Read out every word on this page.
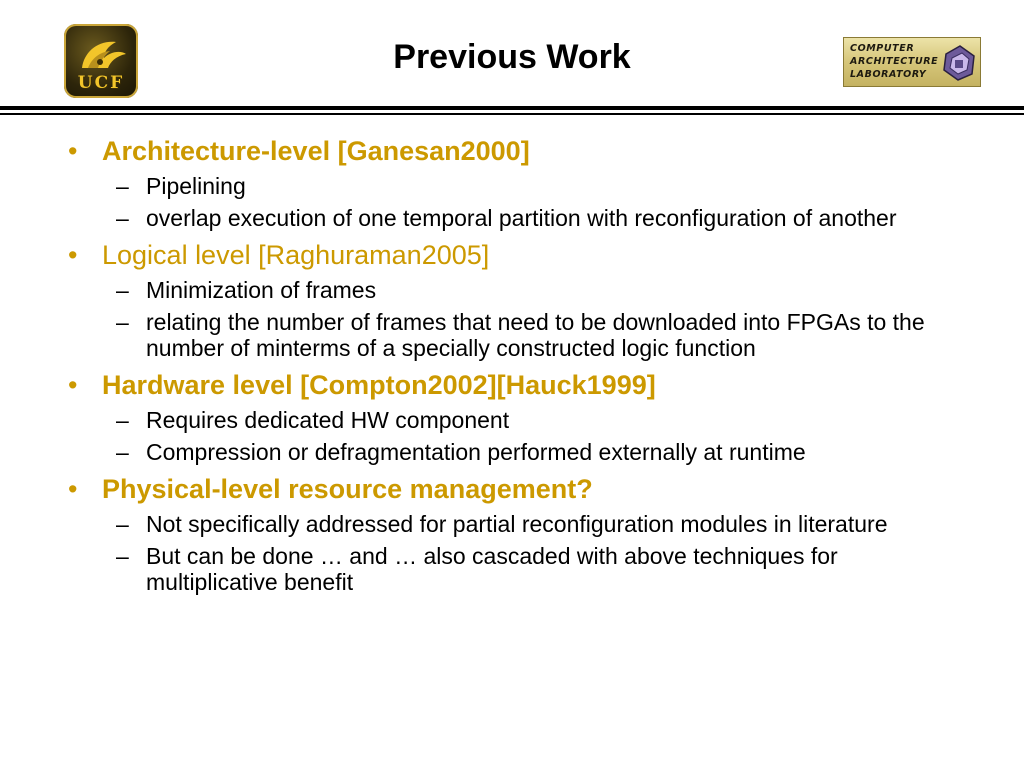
UCF
Previous Work	COMPUTER
ARCHITECTURE
LABORATORY
• Architecture-level [Ganesan2000]
– Pipelining
– overlap execution of one temporal partition with reconfiguration of another
• Logical level [Raghuraman2005]
– Minimization of frames
– relating the number of frames that need to be downloaded into FPGAs to the number of minterms of a specially constructed logic function
• Hardware level [Compton2002][Hauck1999]
– Requires dedicated HW component
– Compression or defragmentation performed externally at runtime
• Physical-level resource management?
– Not specifically addressed for partial reconfiguration modules in literature
– But can be done … and … also cascaded with above techniques for multiplicative benefit
